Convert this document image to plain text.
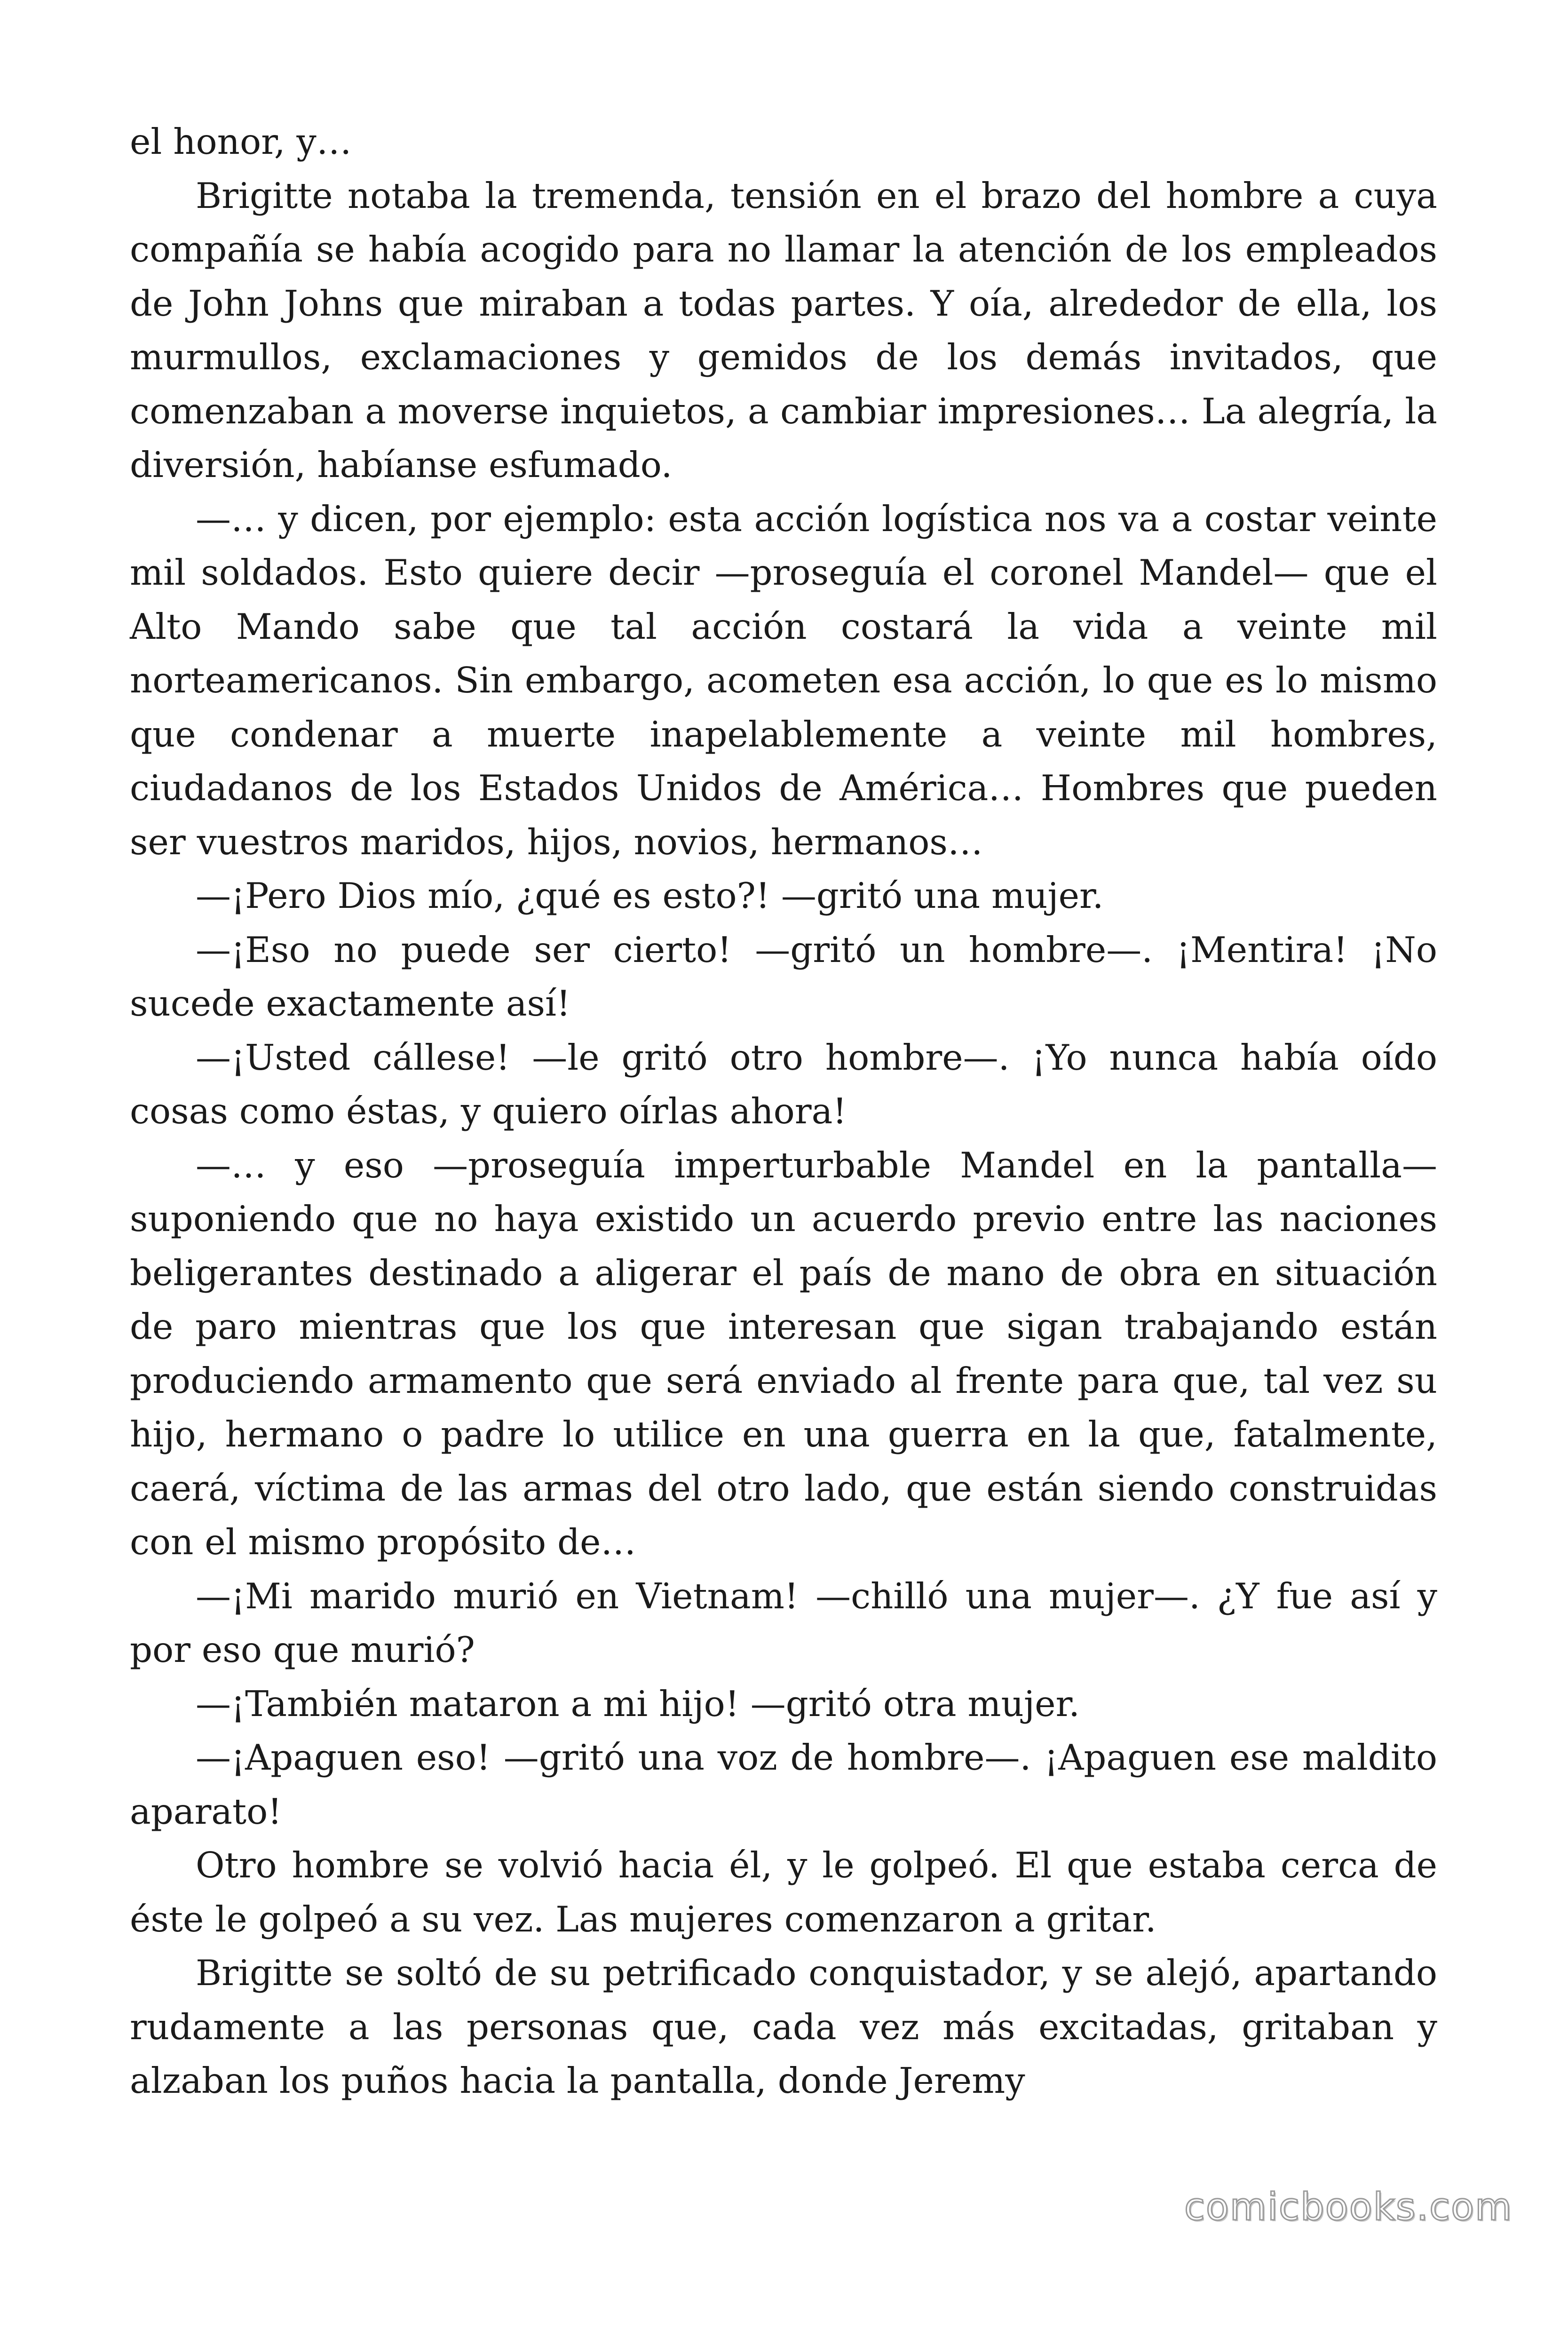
el honor, y…

Brigitte notaba la tremenda, tensión en el brazo del hombre a cuya compañía se había acogido para no llamar la atención de los empleados de John Johns que miraban a todas partes. Y oía, alrededor de ella, los murmullos, exclamaciones y gemidos de los demás invitados, que comenzaban a moverse inquietos, a cambiar impresiones… La alegría, la diversión, habíanse esfumado.

—… y dicen, por ejemplo: esta acción logística nos va a costar veinte mil soldados. Esto quiere decir —proseguía el coronel Mandel— que el Alto Mando sabe que tal acción costará la vida a veinte mil norteamericanos. Sin embargo, acometen esa acción, lo que es lo mismo que condenar a muerte inapelablemente a veinte mil hombres, ciudadanos de los Estados Unidos de América… Hombres que pueden ser vuestros maridos, hijos, novios, hermanos…

—¡Pero Dios mío, ¿qué es esto?! —gritó una mujer.

—¡Eso no puede ser cierto! —gritó un hombre—. ¡Mentira! ¡No sucede exactamente así!

—¡Usted cállese! —le gritó otro hombre—. ¡Yo nunca había oído cosas como éstas, y quiero oírlas ahora!

—… y eso —proseguía imperturbable Mandel en la pantalla— suponiendo que no haya existido un acuerdo previo entre las naciones beligerantes destinado a aligerar el país de mano de obra en situación de paro mientras que los que interesan que sigan trabajando están produciendo armamento que será enviado al frente para que, tal vez su hijo, hermano o padre lo utilice en una guerra en la que, fatalmente, caerá, víctima de las armas del otro lado, que están siendo construidas con el mismo propósito de…

—¡Mi marido murió en Vietnam! —chilló una mujer—. ¿Y fue así y por eso que murió?

—¡También mataron a mi hijo! —gritó otra mujer.

—¡Apaguen eso! —gritó una voz de hombre—. ¡Apaguen ese maldito aparato!

Otro hombre se volvió hacia él, y le golpeó. El que estaba cerca de éste le golpeó a su vez. Las mujeres comenzaron a gritar.

Brigitte se soltó de su petrificado conquistador, y se alejó, apartando rudamente a las personas que, cada vez más excitadas, gritaban y alzaban los puños hacia la pantalla, donde Jeremy

comicbooks.com
